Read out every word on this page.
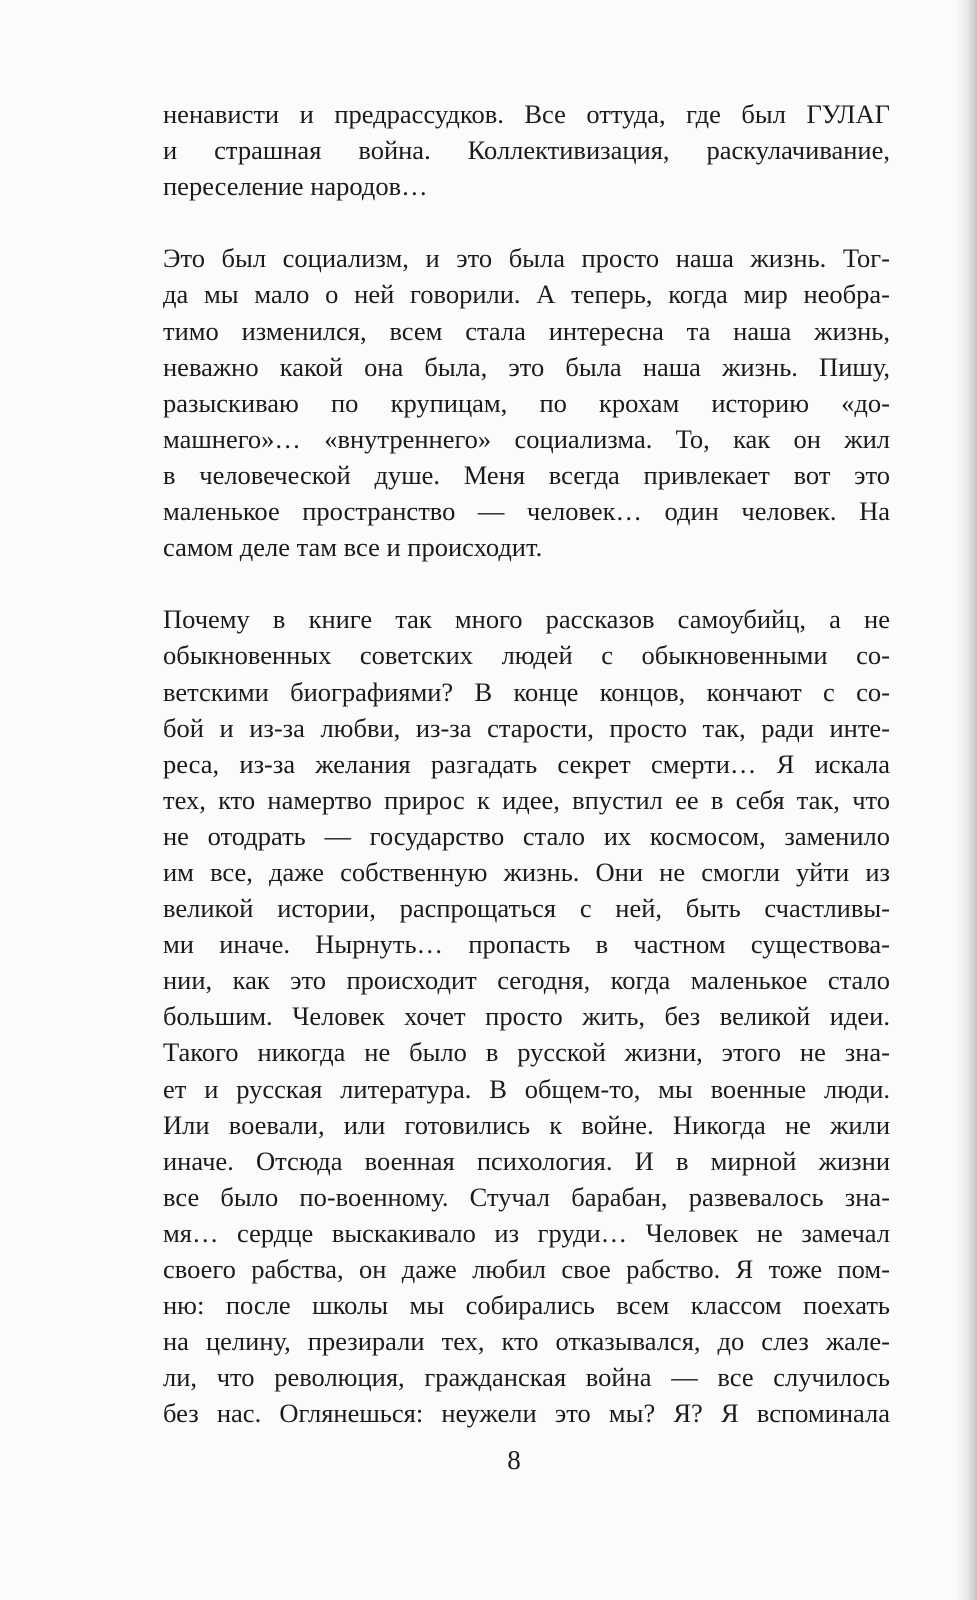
ненависти и предрассудков. Все оттуда, где был ГУЛАГ
и страшная война. Коллективизация, раскулачивание,
переселение народов…
Это был социализм, и это была просто наша жизнь. Тог-
да мы мало о ней говорили. А теперь, когда мир необра-
тимо изменился, всем стала интересна та наша жизнь,
неважно какой она была, это была наша жизнь. Пишу,
разыскиваю по крупицам, по крохам историю «до-
машнего»… «внутреннего» социализма. То, как он жил
в человеческой душе. Меня всегда привлекает вот это
маленькое пространство — человек… один человек. На
самом деле там все и происходит.
Почему в книге так много рассказов самоубийц, а не
обыкновенных советских людей с обыкновенными со-
ветскими биографиями? В конце концов, кончают с со-
бой и из-за любви, из-за старости, просто так, ради инте-
реса, из-за желания разгадать секрет смерти… Я искала
тех, кто намертво прирос к идее, впустил ее в себя так, что
не отодрать — государство стало их космосом, заменило
им все, даже собственную жизнь. Они не смогли уйти из
великой истории, распрощаться с ней, быть счастливы-
ми иначе. Нырнуть… пропасть в частном существова-
нии, как это происходит сегодня, когда маленькое стало
большим. Человек хочет просто жить, без великой идеи.
Такого никогда не было в русской жизни, этого не зна-
ет и русская литература. В общем-то, мы военные люди.
Или воевали, или готовились к войне. Никогда не жили
иначе. Отсюда военная психология. И в мирной жизни
все было по-военному. Стучал барабан, развевалось зна-
мя… сердце выскакивало из груди… Человек не замечал
своего рабства, он даже любил свое рабство. Я тоже пом-
ню: после школы мы собирались всем классом поехать
на целину, презирали тех, кто отказывался, до слез жале-
ли, что революция, гражданская война — все случилось
без нас. Оглянешься: неужели это мы? Я? Я вспоминала
8
